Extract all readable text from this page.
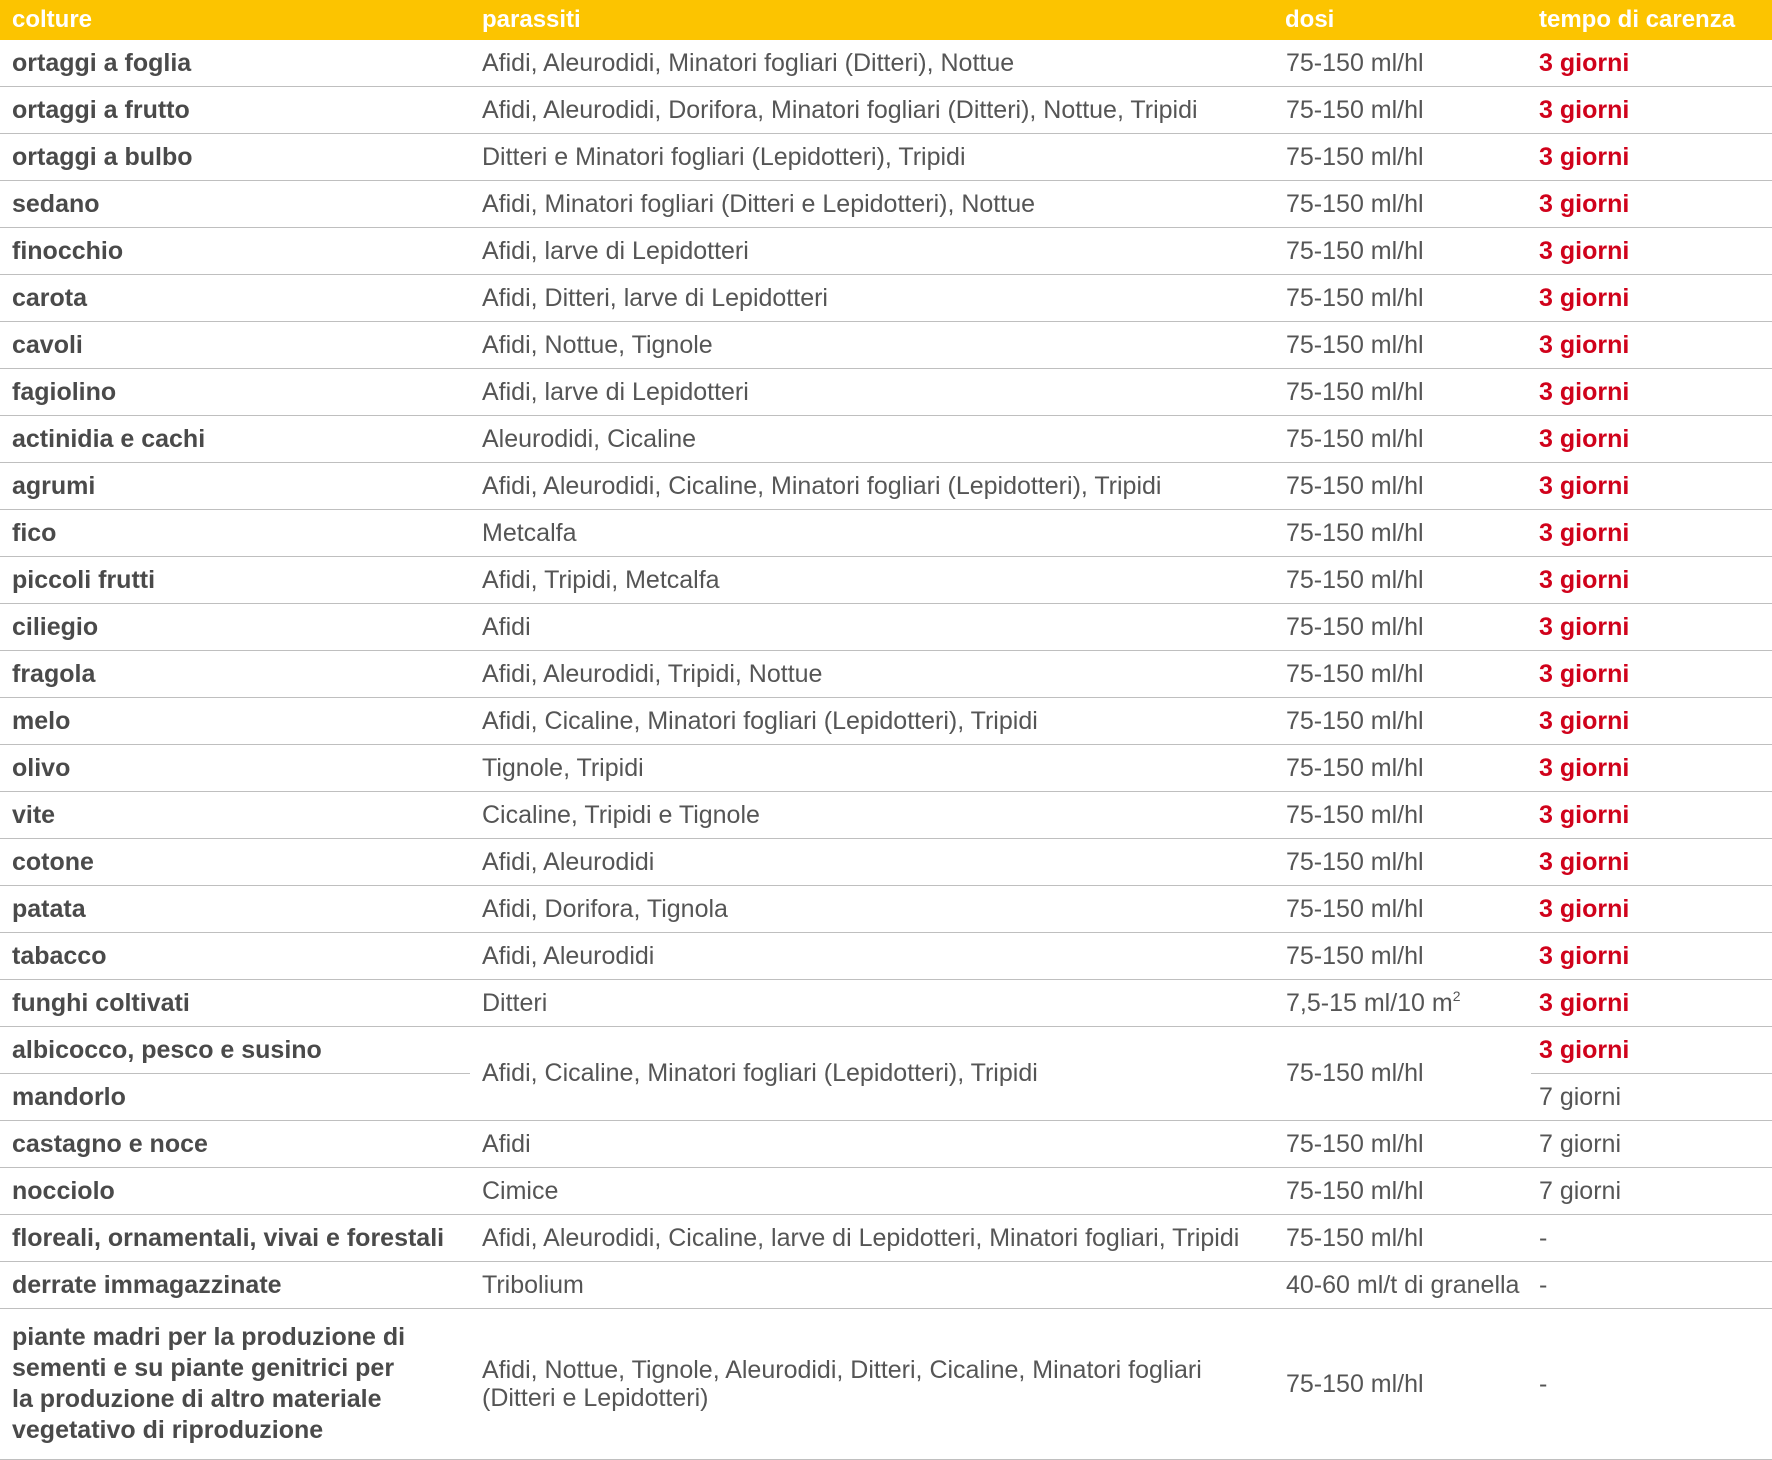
colture	parassiti	dosi	tempo di carenza
ortaggi a foglia	Afidi, Aleurodidi, Minatori fogliari (Ditteri), Nottue	75-150 ml/hl	3 giorni
ortaggi a frutto	Afidi, Aleurodidi, Dorifora, Minatori fogliari (Ditteri), Nottue, Tripidi	75-150 ml/hl	3 giorni
ortaggi a bulbo	Ditteri e Minatori fogliari (Lepidotteri), Tripidi	75-150 ml/hl	3 giorni
sedano	Afidi, Minatori fogliari (Ditteri e Lepidotteri), Nottue	75-150 ml/hl	3 giorni
finocchio	Afidi, larve di Lepidotteri	75-150 ml/hl	3 giorni
carota	Afidi, Ditteri, larve di Lepidotteri	75-150 ml/hl	3 giorni
cavoli	Afidi, Nottue, Tignole	75-150 ml/hl	3 giorni
fagiolino	Afidi, larve di Lepidotteri	75-150 ml/hl	3 giorni
actinidia e cachi	Aleurodidi, Cicaline	75-150 ml/hl	3 giorni
agrumi	Afidi, Aleurodidi, Cicaline, Minatori fogliari (Lepidotteri), Tripidi	75-150 ml/hl	3 giorni
fico	Metcalfa	75-150 ml/hl	3 giorni
piccoli frutti	Afidi, Tripidi, Metcalfa	75-150 ml/hl	3 giorni
ciliegio	Afidi	75-150 ml/hl	3 giorni
fragola	Afidi, Aleurodidi, Tripidi, Nottue	75-150 ml/hl	3 giorni
melo	Afidi, Cicaline, Minatori fogliari (Lepidotteri), Tripidi	75-150 ml/hl	3 giorni
olivo	Tignole, Tripidi	75-150 ml/hl	3 giorni
vite	Cicaline, Tripidi e Tignole	75-150 ml/hl	3 giorni
cotone	Afidi, Aleurodidi	75-150 ml/hl	3 giorni
patata	Afidi, Dorifora, Tignola	75-150 ml/hl	3 giorni
tabacco	Afidi, Aleurodidi	75-150 ml/hl	3 giorni
funghi coltivati	Ditteri	7,5-15 ml/10 $m^2$	3 giorni
albicocco, pesco e susino	Afidi, Cicaline, Minatori fogliari (Lepidotteri), Tripidi	75-150 ml/hl	3 giorni
mandorlo			7 giorni
castagno e noce	Afidi	75-150 ml/hl	7 giorni
nocciolo	Cimice	75-150 ml/hl	7 giorni
floreali, ornamentali, vivai e forestali	Afidi, Aleurodidi, Cicaline, larve di Lepidotteri, Minatori fogliari, Tripidi	75-150 ml/hl	-
derrate immagazzinate	Tribolium	40-60 ml/t di granella	-
piante madri per la produzione di sementi e su piante genitrici per la produzione di altro materiale vegetativo di riproduzione	Afidi, Nottue, Tignole, Aleurodidi, Ditteri, Cicaline, Minatori fogliari (Ditteri e Lepidotteri)	75-150 ml/hl	-
